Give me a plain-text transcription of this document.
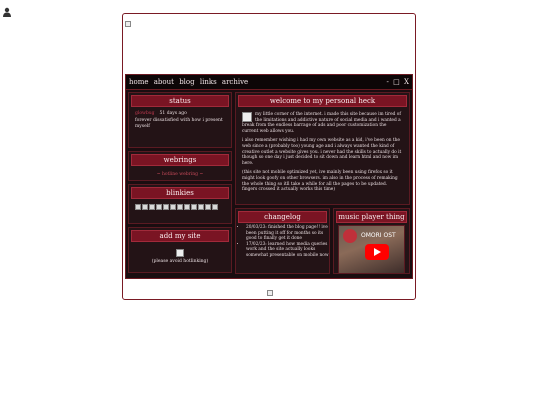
home about blog links archive	- □ X
status
glowbug 51 days ago
forever dissatisfied with how i present myself
webrings
~ hotline webring ~
blinkies
add my site
(please avoid hotlinking)
welcome to my personal heck

my little corner of the internet. i made this site because im tired of the limitations and addictive nature of social media and i wanted a break from the endless barrage of ads and poor customization the current web allows you.

i also remember wishing i had my own website as a kid, i've been on the web since a (probably too) young age and i always wanted the kind of creative outlet a website gives you. i never had the skills to actually do it though so one day i just decided to sit down and learn html and now im here.

(this site not mobile optimized yet, ive mainly been using firefox so it might look goofy on other browsers. im also in the process of remaking the whole thing so itll take a while for all the pages to be updated. fingers crossed it actually works this time)

changelog
• 20/03/23: finished the blog page!! ive been putting it off for months so its good to finally get it done
• 17/02/23: learned how media queries work and the site actually looks somewhat presentable on mobile now
music player thing
OMORI OST
